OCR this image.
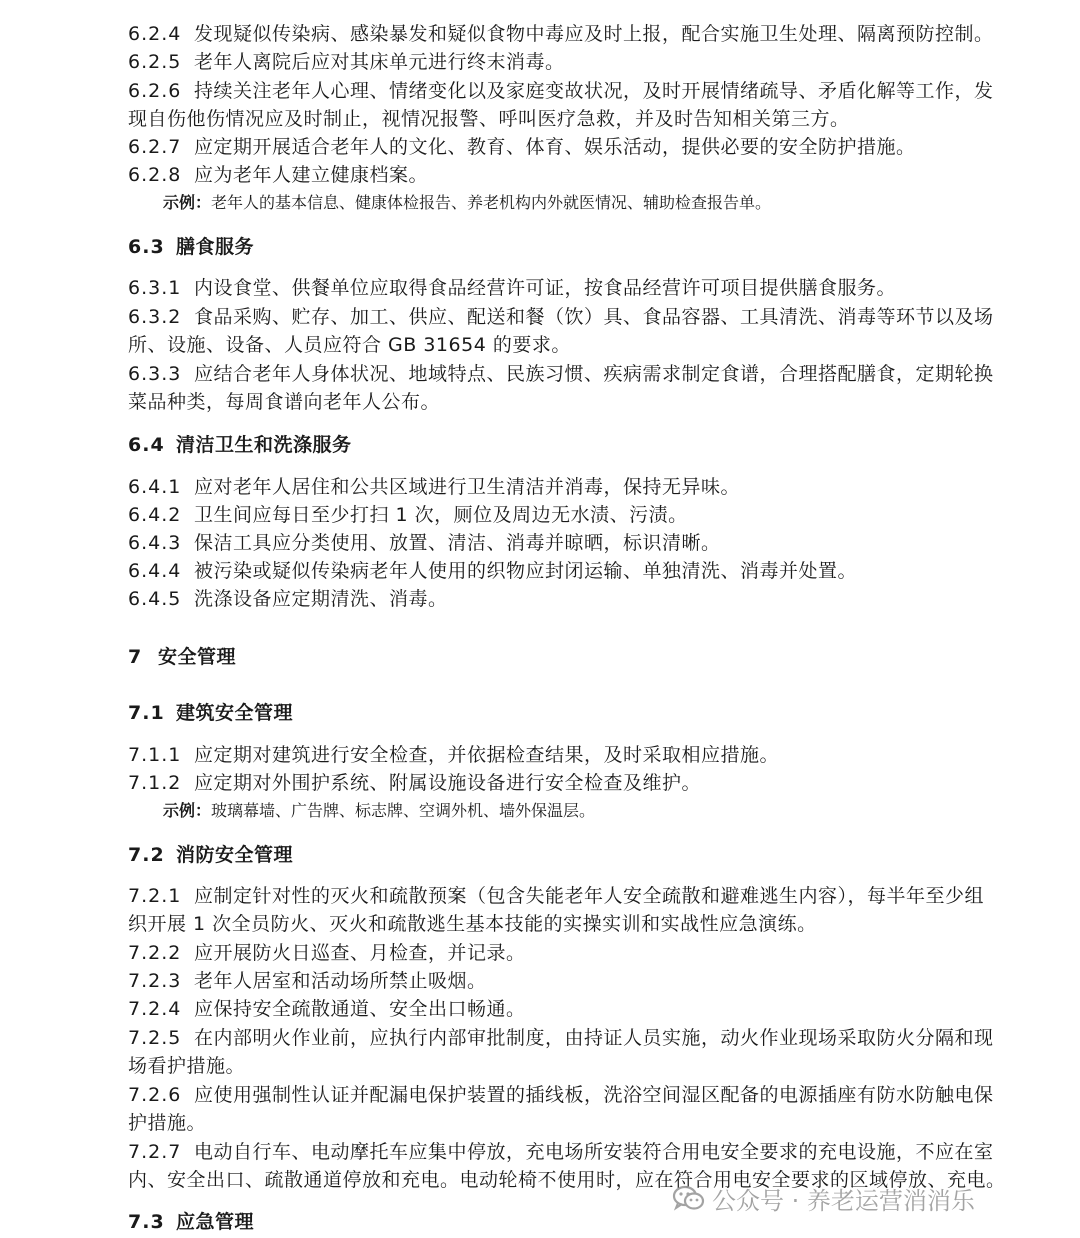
6.2.4 发现疑似传染病、感染暴发和疑似食物中毒应及时上报，配合实施卫生处理、隔离预防控制。
6.2.5 老年人离院后应对其床单元进行终末消毒。
6.2.6 持续关注老年人心理、情绪变化以及家庭变故状况，及时开展情绪疏导、矛盾化解等工作，发
现自伤他伤情况应及时制止，视情况报警、呼叫医疗急救，并及时告知相关第三方。
6.2.7 应定期开展适合老年人的文化、教育、体育、娱乐活动，提供必要的安全防护措施。
6.2.8 应为老年人建立健康档案。
示例：老年人的基本信息、健康体检报告、养老机构内外就医情况、辅助检查报告单。
6.3 膳食服务
6.3.1 内设食堂、供餐单位应取得食品经营许可证，按食品经营许可项目提供膳食服务。
6.3.2 食品采购、贮存、加工、供应、配送和餐（饮）具、食品容器、工具清洗、消毒等环节以及场
所、设施、设备、人员应符合 GB 31654 的要求。
6.3.3 应结合老年人身体状况、地域特点、民族习惯、疾病需求制定食谱，合理搭配膳食，定期轮换
菜品种类，每周食谱向老年人公布。
6.4 清洁卫生和洗涤服务
6.4.1 应对老年人居住和公共区域进行卫生清洁并消毒，保持无异味。
6.4.2 卫生间应每日至少打扫 1 次，厕位及周边无水渍、污渍。
6.4.3 保洁工具应分类使用、放置、清洁、消毒并晾晒，标识清晰。
6.4.4 被污染或疑似传染病老年人使用的织物应封闭运输、单独清洗、消毒并处置。
6.4.5 洗涤设备应定期清洗、消毒。
7 安全管理
7.1 建筑安全管理
7.1.1 应定期对建筑进行安全检查，并依据检查结果，及时采取相应措施。
7.1.2 应定期对外围护系统、附属设施设备进行安全检查及维护。
示例：玻璃幕墙、广告牌、标志牌、空调外机、墙外保温层。
7.2 消防安全管理
7.2.1 应制定针对性的灭火和疏散预案（包含失能老年人安全疏散和避难逃生内容），每半年至少组
织开展 1 次全员防火、灭火和疏散逃生基本技能的实操实训和实战性应急演练。
7.2.2 应开展防火日巡查、月检查，并记录。
7.2.3 老年人居室和活动场所禁止吸烟。
7.2.4 应保持安全疏散通道、安全出口畅通。
7.2.5 在内部明火作业前，应执行内部审批制度，由持证人员实施，动火作业现场采取防火分隔和现
场看护措施。
7.2.6 应使用强制性认证并配漏电保护装置的插线板，洗浴空间湿区配备的电源插座有防水防触电保
护措施。
7.2.7 电动自行车、电动摩托车应集中停放，充电场所安装符合用电安全要求的充电设施，不应在室
内、安全出口、疏散通道停放和充电。电动轮椅不使用时，应在符合用电安全要求的区域停放、充电。
7.3 应急管理
公众号 · 养老运营消消乐
